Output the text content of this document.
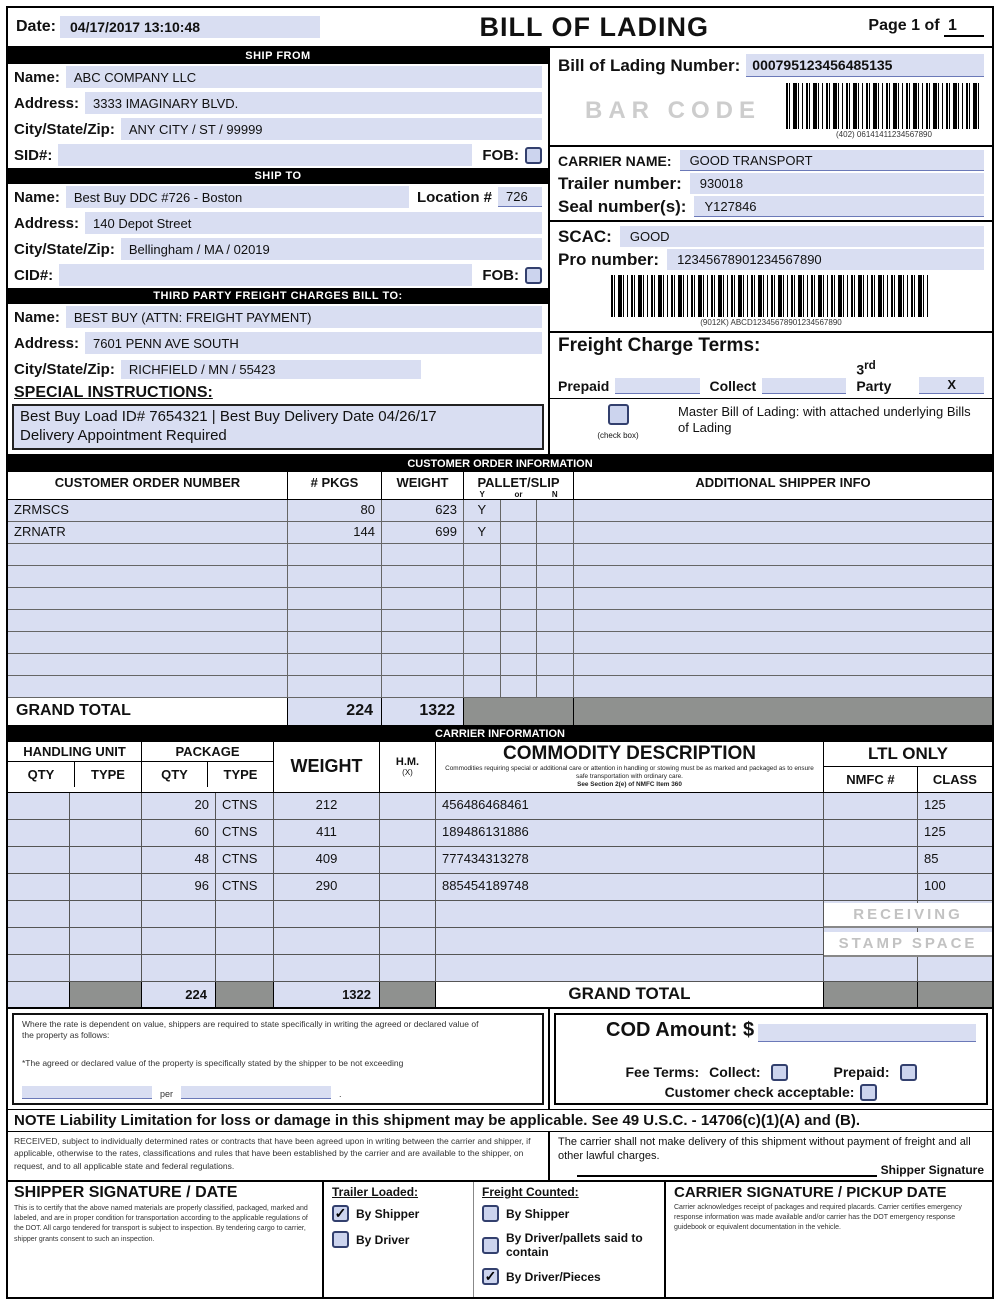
Date:	04/17/2017 13:10:48	BILL OF LADING	Page 1 of 1
SHIP FROM
Name:	ABC COMPANY LLC
Address:	3333 IMAGINARY BLVD.
City/State/Zip:	ANY CITY / ST / 99999
SID#:	FOB:
SHIP TO
Name:	Best Buy DDC #726 - Boston	Location #	726
Address:	140 Depot Street
City/State/Zip:	Bellingham / MA / 02019
CID#:	FOB:
THIRD PARTY FREIGHT CHARGES BILL TO:
Name:	BEST BUY (ATTN: FREIGHT PAYMENT)
Address:	7601 PENN AVE SOUTH
City/State/Zip:	RICHFIELD / MN / 55423
SPECIAL INSTRUCTIONS:
Best Buy Load ID# 7654321 | Best Buy Delivery Date 04/26/17
Delivery Appointment Required
Bill of Lading Number: 000795123456485135
BAR CODE
(402) 06141411234567890
CARRIER NAME:	GOOD TRANSPORT
Trailer number:	930018
Seal number(s):	Y127846
SCAC:	GOOD
Pro number:	12345678901234567890
(9012K) ABCD12345678901234567890
Freight Charge Terms:
Prepaid	Collect
3rd Party	X
(check box)
Master Bill of Lading: with attached underlying Bills of Lading
CUSTOMER ORDER INFORMATION
CUSTOMER ORDER NUMBER	# PKGS	WEIGHT	PALLET/SLIP
Y	or	N
ADDITIONAL SHIPPER INFO
ZRMSCS	80	623	Y
ZRNATR	144	699	Y
GRAND TOTAL	224	1322
CARRIER INFORMATION
HANDLING UNIT
QTY	TYPE
PACKAGE
QTY	TYPE	WEIGHT	H.M.
(X)
COMMODITY DESCRIPTION
Commodities requiring special or additional care or attention in handling or stowing must be as marked and packaged as to ensure safe transportation with ordinary care.
See Section 2(e) of NMFC Item 360
LTL ONLY
NMFC #	CLASS
20	CTNS	212	456486468461	125
60	CTNS	411	189486131886	125
48	CTNS	409	777434313278	85
96	CTNS	290	885454189748	100
RECEIVING
STAMP SPACE
224	1322	GRAND TOTAL
Where the rate is dependent on value, shippers are required to state specifically in writing the agreed or declared value of the property as follows:
*The agreed or declared value of the property is specifically stated by the shipper to be not exceeding
per	.
COD Amount: $
Fee Terms: Collect:	Prepaid:
Customer check acceptable:
NOTE Liability Limitation for loss or damage in this shipment may be applicable. See 49 U.S.C. - 14706(c)(1)(A) and (B).
RECEIVED, subject to individually determined rates or contracts that have been agreed upon in writing between the carrier and shipper, if applicable, otherwise to the rates, classifications and rules that have been established by the carrier and are available to the shipper, on request, and to all applicable state and federal regulations.
The carrier shall not make delivery of this shipment without payment of freight and all other lawful charges.
Shipper Signature
SHIPPER SIGNATURE / DATE
This is to certify that the above named materials are properly classified, packaged, marked and labeled, and are in proper condition for transportation according to the applicable regulations of the DOT. All cargo tendered for transport is subject to inspection. By tendering cargo to carrier, shipper grants consent to such an inspection.
Trailer Loaded:
✓
By Shipper
By Driver
Freight Counted:
By Shipper
By Driver/pallets said to contain
✓
By Driver/Pieces
CARRIER SIGNATURE / PICKUP DATE
Carrier acknowledges receipt of packages and required placards. Carrier certifies emergency response information was made available and/or carrier has the DOT emergency response guidebook or equivalent documentation in the vehicle.
